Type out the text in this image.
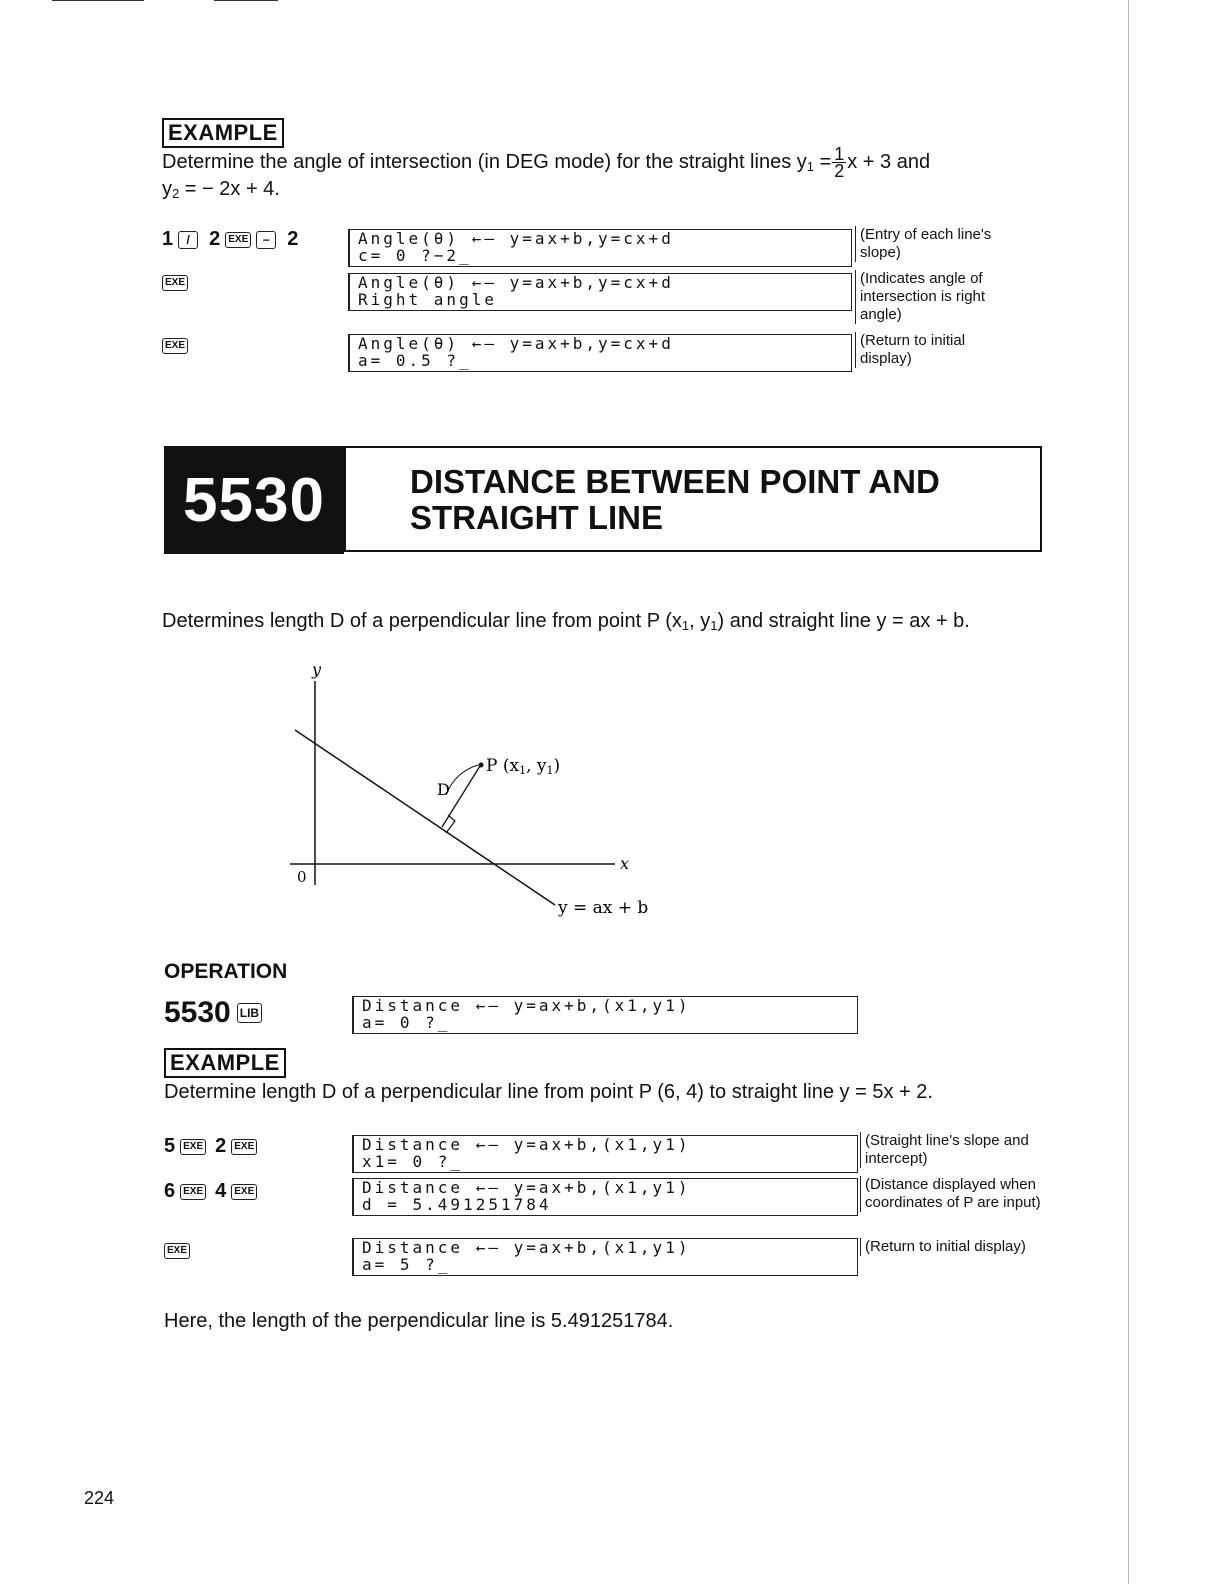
EXAMPLE
Determine the angle of intersection (in DEG mode) for the straight lines $y_1 = \frac{1}{2}$ x + 3 and
$y_2$ = − 2x + 4.
1	/ 2 EXE	− 2	Angle(θ) ←– y=ax+b,y=cx+d
c= 0 ?−2_
(Entry of each line's slope)
EXE	Angle(θ) ←– y=ax+b,y=cx+d
Right angle
(Indicates angle of intersection is right angle)
EXE	Angle(θ) ←– y=ax+b,y=cx+d
a= 0.5 ?_
(Return to initial display)
5530	DISTANCE BETWEEN POINT AND
STRAIGHT LINE
Determines length D of a perpendicular line from point P ($x_1$, $y_1$) and straight line y = ax + b.
y
x
0
P (x1, y1)
D
y = ax + b
OPERATION
5530 LIB	Distance ←– y=ax+b,(x1,y1)
a= 0 ?_
EXAMPLE
Determine length D of a perpendicular line from point P (6, 4) to straight line y = 5x + 2.
5 EXE 2 EXE	Distance ←– y=ax+b,(x1,y1)
x1= 0 ?_
(Straight line's slope and intercept)
6 EXE 4 EXE	Distance ←– y=ax+b,(x1,y1)
d = 5.491251784
(Distance displayed when coordinates of P are input)
EXE	Distance ←– y=ax+b,(x1,y1)
a= 5 ?_
(Return to initial display)
Here, the length of the perpendicular line is 5.491251784.
224
